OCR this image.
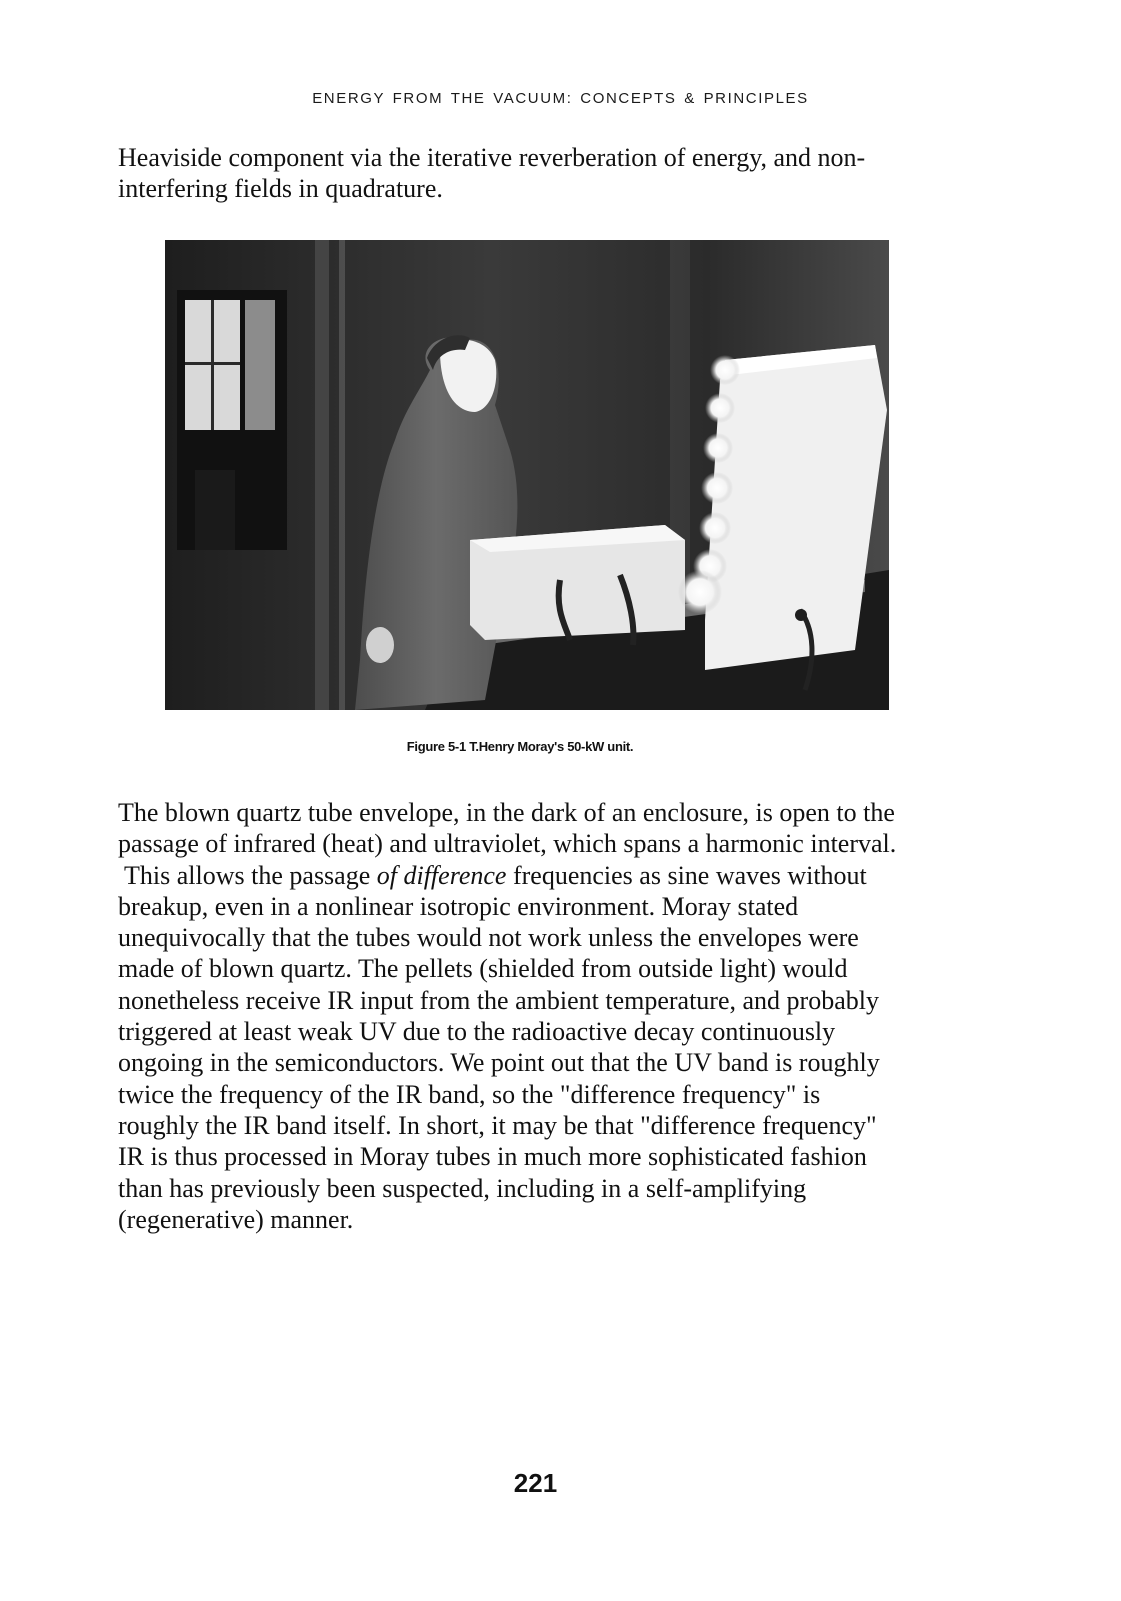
ENERGY FROM THE VACUUM: CONCEPTS & PRINCIPLES

Heaviside component via the iterative reverberation of energy, and non-
interfering fields in quadrature.

Figure 5-1 T.Henry Moray's 50-kW unit.

The blown quartz tube envelope, in the dark of an enclosure, is open to the
passage of infrared (heat) and ultraviolet, which spans a harmonic interval.
This allows the passage of difference frequencies as sine waves without
breakup, even in a nonlinear isotropic environment. Moray stated
unequivocally that the tubes would not work unless the envelopes were
made of blown quartz. The pellets (shielded from outside light) would
nonetheless receive IR input from the ambient temperature, and probably
triggered at least weak UV due to the radioactive decay continuously
ongoing in the semiconductors. We point out that the UV band is roughly
twice the frequency of the IR band, so the "difference frequency" is
roughly the IR band itself. In short, it may be that "difference frequency"
IR is thus processed in Moray tubes in much more sophisticated fashion
than has previously been suspected, including in a self-amplifying
(regenerative) manner.

221
